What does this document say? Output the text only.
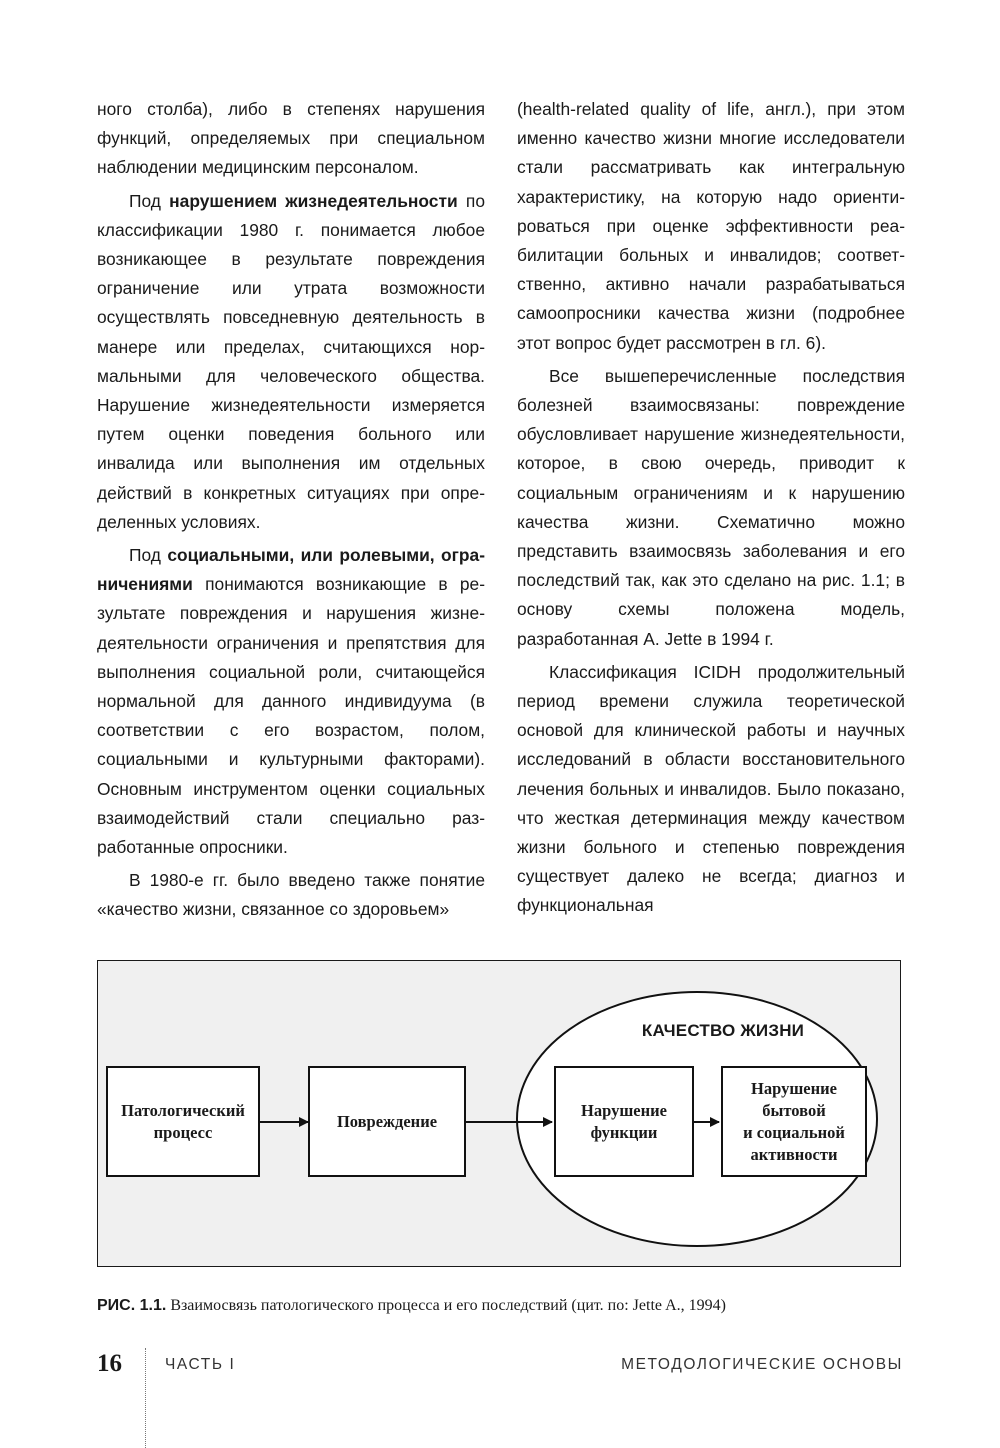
ного столба), либо в степенях нарушения функций, определяемых при специальном наблюдении медицинским персоналом.

Под нарушением жизнедеятельности по классификации 1980 г. понимается любое возникающее в результате повреждения ограничение или утрата возможности осуществлять повседневную деятельность в манере или пределах, считающихся нормальными для человеческого общества. Нарушение жизнедеятельности измеряется путем оценки поведения больного или инвалида или выполнения им отдельных действий в конкретных ситуациях при определенных условиях.

Под социальными, или ролевыми, ограничениями понимаются возникающие в результате повреждения и нарушения жизнедеятельности ограничения и препятствия для выполнения социальной роли, считающейся нормальной для данного индивидуума (в соответствии с его возрастом, полом, социальными и культурными факторами). Основным инструментом оценки социальных взаимодействий стали специально разработанные опросники.

В 1980-е гг. было введено также понятие «качество жизни, связанное со здоровьем»

(health-related quality of life, англ.), при этом именно качество жизни многие исследователи стали рассматривать как интегральную характеристику, на которую надо ориентироваться при оценке эффективности реабилитации больных и инвалидов; соответственно, активно начали разрабатываться самоопросники качества жизни (подробнее этот вопрос будет рассмотрен в гл. 6).

Все вышеперечисленные последствия болезней взаимосвязаны: повреждение обусловливает нарушение жизнедеятельности, которое, в свою очередь, приводит к социальным ограничениям и к нарушению качества жизни. Схематично можно представить взаимосвязь заболевания и его последствий так, как это сделано на рис. 1.1; в основу схемы положена модель, разработанная A. Jette в 1994 г.

Классификация ICIDH продолжительный период времени служила теоретической основой для клинической работы и научных исследований в области восстановительного лечения больных и инвалидов. Было показано, что жесткая детерминация между качеством жизни больного и степенью повреждения существует далеко не всегда; диагноз и функциональная

КАЧЕСТВО ЖИЗНИ
Патологический
процесс
Повреждение
Нарушение
функции
Нарушение
бытовой
и социальной
активности
РИС. 1.1. Взаимосвязь патологического процесса и его последствий (цит. по: Jette A., 1994)
16	ЧАСТЬ I	МЕТОДОЛОГИЧЕСКИЕ ОСНОВЫ
